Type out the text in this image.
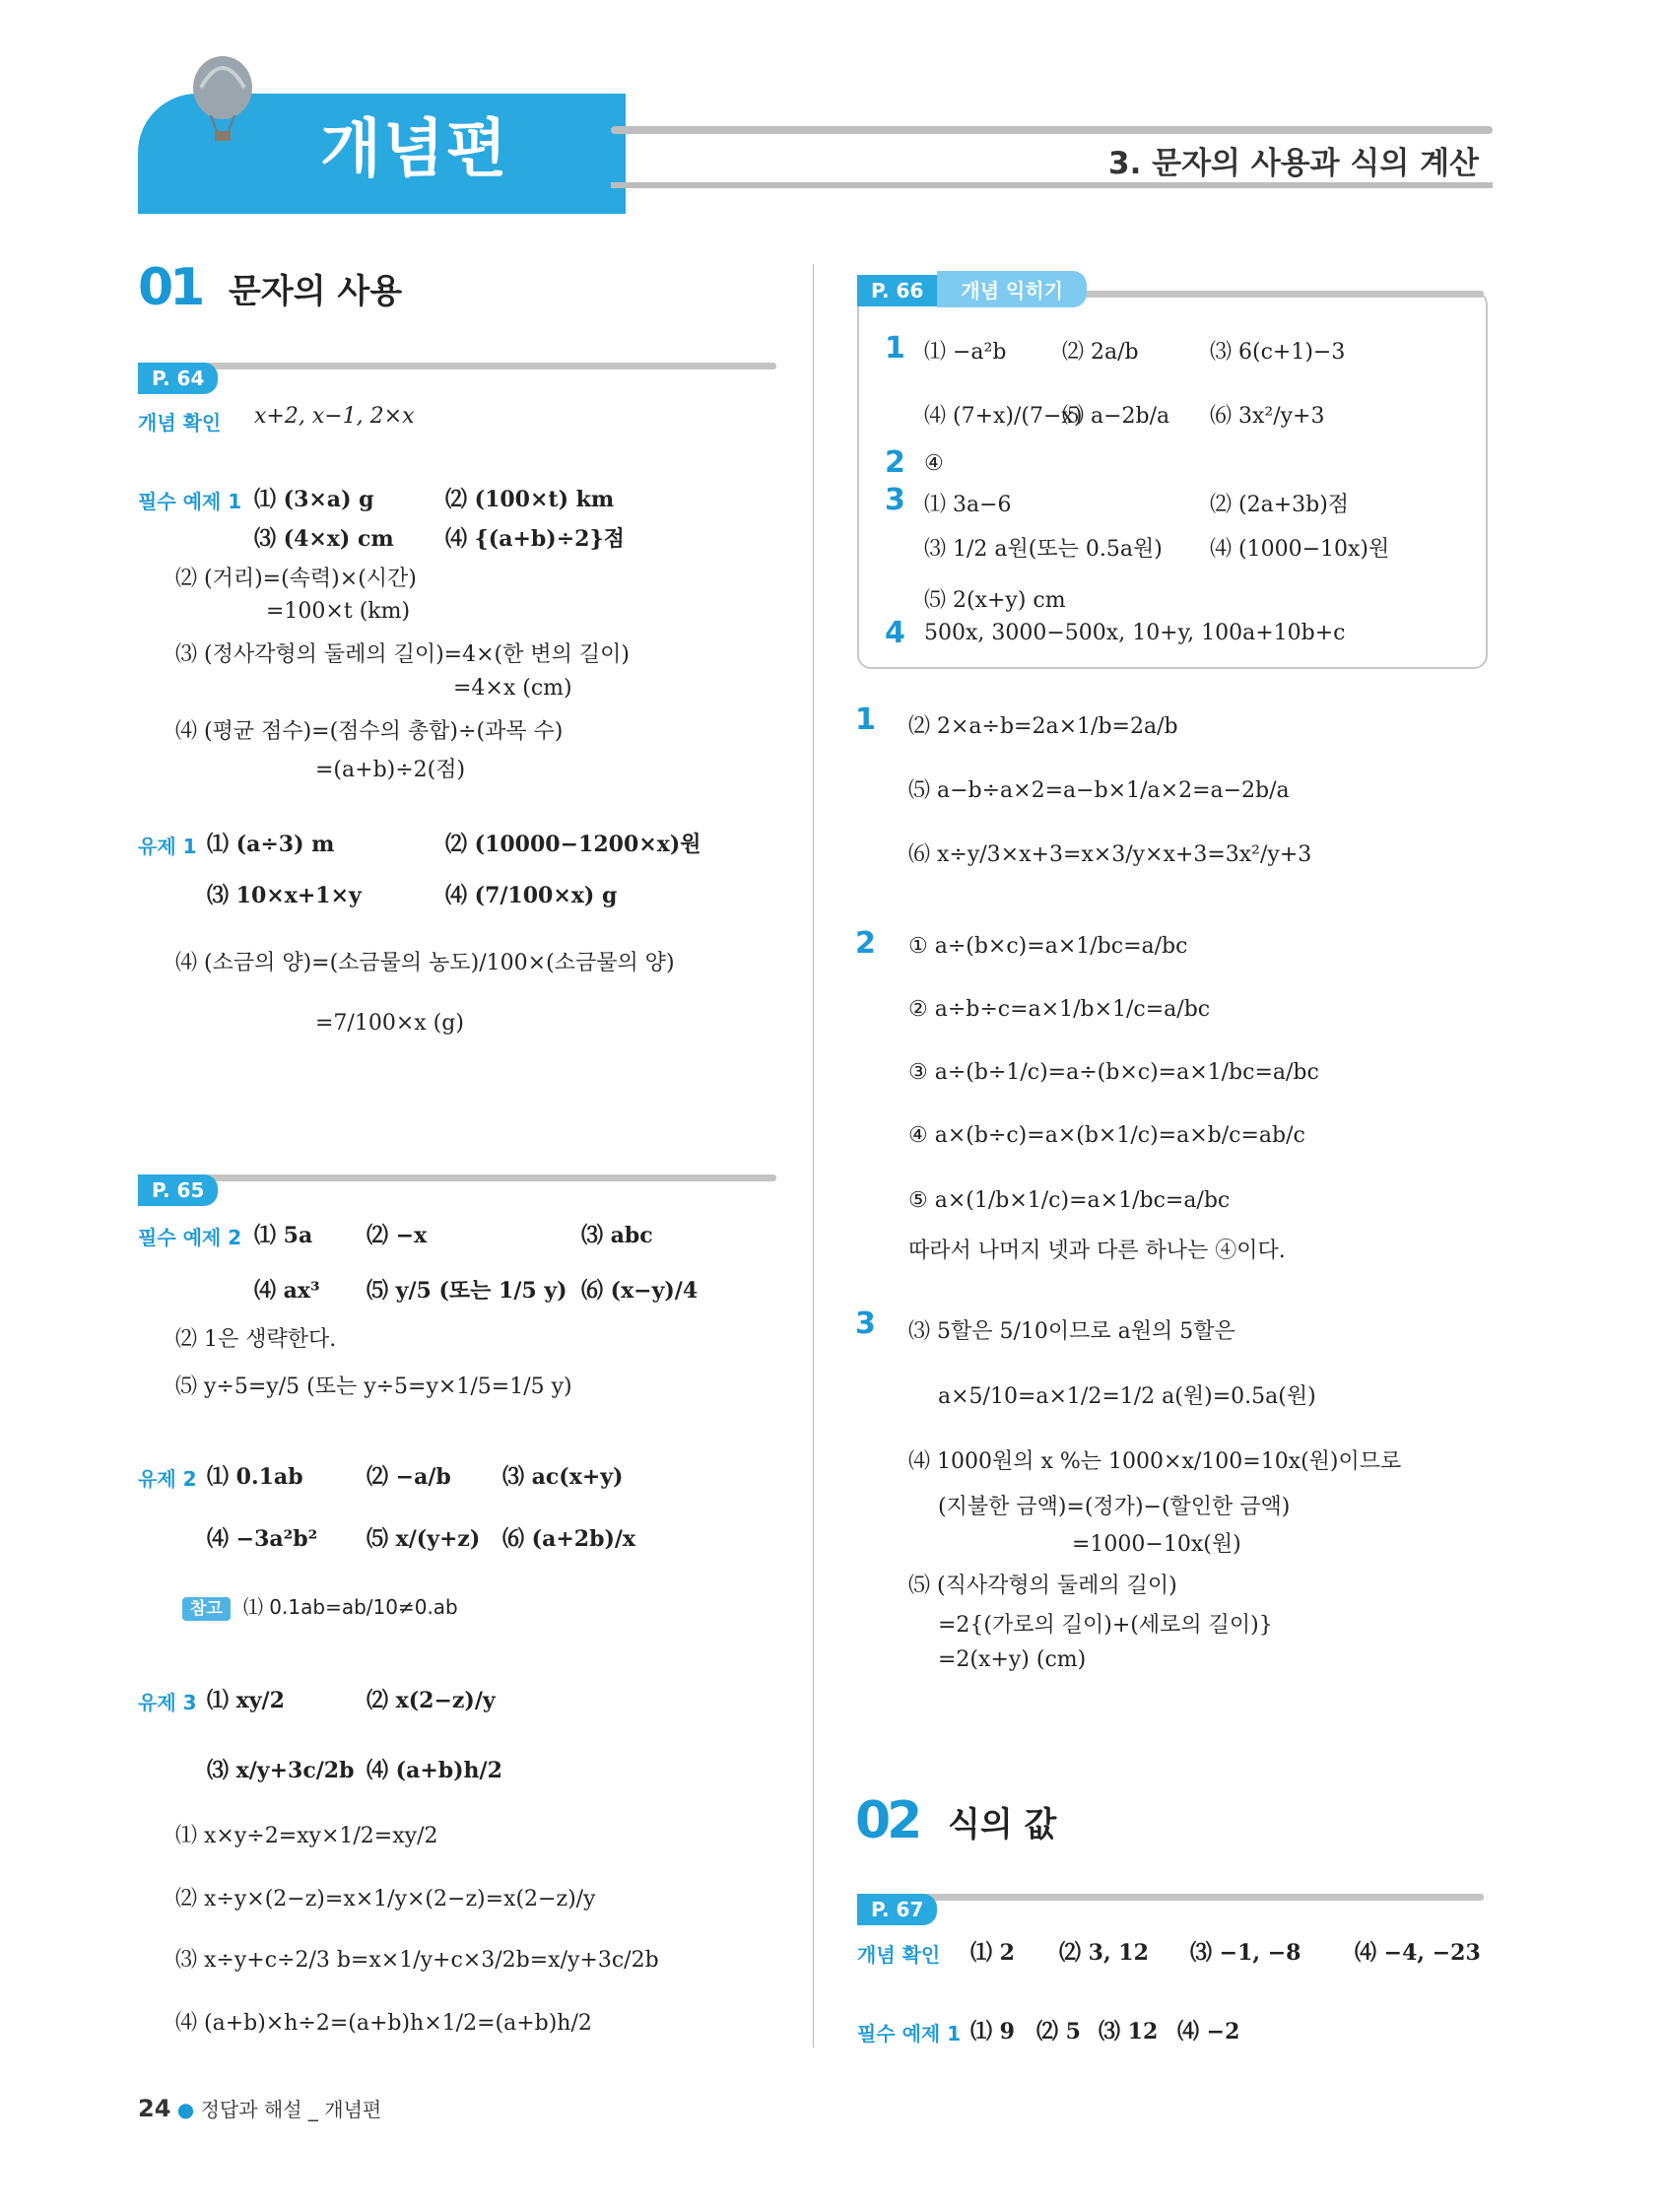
개념편	3. 문자의 사용과 식의 계산
01 문자의 사용
P. 64
개념 확인 x+2, x−1, 2×x
필수 예제 1 ⑴ (3×a) g	⑵ (100×t) km
⑶ (4×x) cm ⑷ {(a+b)÷2}점
⑵ (거리)=(속력)×(시간)
=100×t (km)
⑶ (정사각형의 둘레의 길이)=4×(한 변의 길이)
=4×x (cm)
⑷ (평균 점수)=(점수의 총합)÷(과목 수)
=(a+b)÷2(점)
유제 1 ⑴ (a÷3) m	⑵ (10000−1200×x)원
⑶ 10×x+1×y	⑷ (7/100×x) g
⑷ (소금의 양)=(소금물의 농도)/100×(소금물의 양)
=7/100×x (g)
P. 65
필수 예제 2 ⑴ 5a ⑵ −x	⑶ abc
⑷ ax³ ⑸ y/5 (또는 1/5 y) ⑹ (x−y)/4
⑵ 1은 생략한다.
⑸ y÷5=y/5 (또는 y÷5=y×1/5=1/5 y)
유제 2 ⑴ 0.1ab	⑵ −a/b ⑶ ac(x+y)
⑷ −3a²b² ⑸ x/(y+z) ⑹ (a+2b)/x
참고 ⑴ 0.1ab=ab/10≠0.ab
유제 3 ⑴ xy/2	⑵ x(2−z)/y
⑶ x/y+3c/2b ⑷ (a+b)h/2
⑴ x×y÷2=xy×1/2=xy/2
⑵ x÷y×(2−z)=x×1/y×(2−z)=x(2−z)/y
⑶ x÷y+c÷2/3 b=x×1/y+c×3/2b=x/y+3c/2b
⑷ (a+b)×h÷2=(a+b)h×1/2=(a+b)h/2
P. 66 개념 익히기
1 ⑴ −a²b	⑵ 2a/b	⑶ 6(c+1)−3
⑷ (7+x)/(7−x)
⑸ a−2b/a ⑹ 3x²/y+3
2 ④
3 ⑴ 3a−6	⑵ (2a+3b)점
⑶ 1/2 a원(또는 0.5a원) ⑷ (1000−10x)원
⑸ 2(x+y) cm
4 500x, 3000−500x, 10+y, 100a+10b+c
1 ⑵ 2×a÷b=2a×1/b=2a/b
⑸ a−b÷a×2=a−b×1/a×2=a−2b/a
⑹ x÷y/3×x+3=x×3/y×x+3=3x²/y+3
2 ① a÷(b×c)=a×1/bc=a/bc
② a÷b÷c=a×1/b×1/c=a/bc
③ a÷(b÷1/c)=a÷(b×c)=a×1/bc=a/bc
④ a×(b÷c)=a×(b×1/c)=a×b/c=ab/c
⑤ a×(1/b×1/c)=a×1/bc=a/bc
따라서 나머지 넷과 다른 하나는 ④이다.
3 ⑶ 5할은 5/10이므로 a원의 5할은
a×5/10=a×1/2=1/2 a(원)=0.5a(원)
⑷ 1000원의 x %는 1000×x/100=10x(원)이므로
(지불한 금액)=(정가)−(할인한 금액)
=1000−10x(원)
⑸ (직사각형의 둘레의 길이)
=2{(가로의 길이)+(세로의 길이)}
=2(x+y) (cm)
02 식의 값
P. 67
개념 확인 ⑴ 2 ⑵ 3, 12 ⑶ −1, −8 ⑷ −4, −23
필수 예제 1 ⑴ 9 ⑵ 5 ⑶ 12 ⑷ −2
24 ● 정답과 해설 _ 개념편
